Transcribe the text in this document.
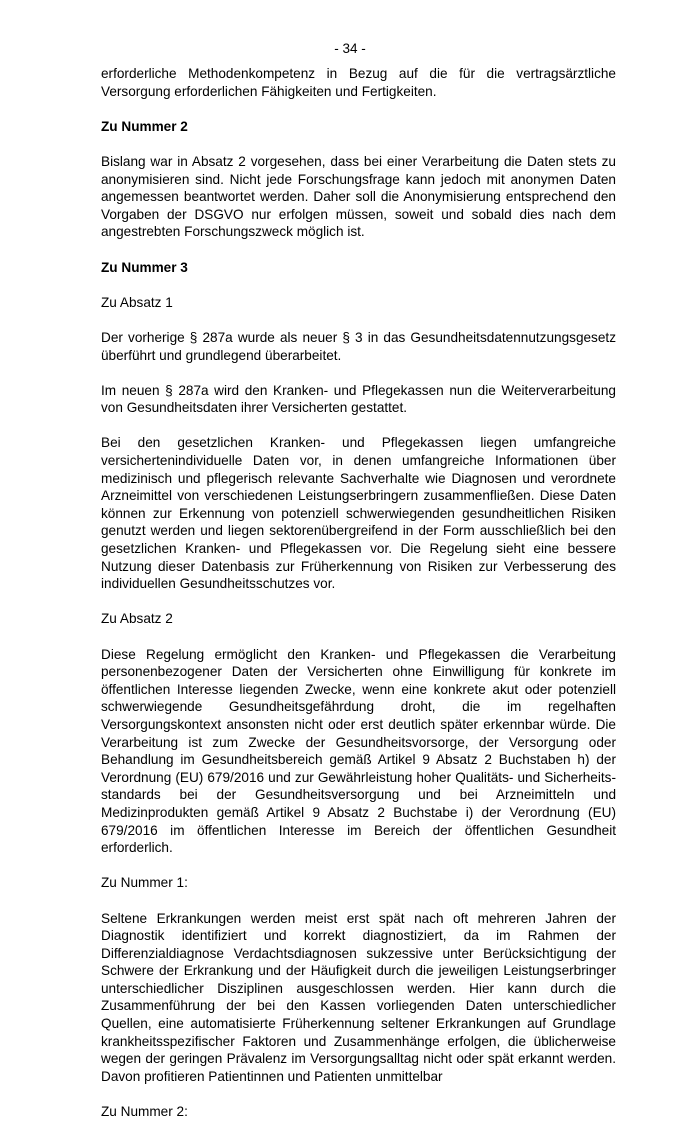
- 34 -

erforderliche Methodenkompetenz in Bezug auf die für die vertragsärztliche Versorgung erforderlichen Fähigkeiten und Fertigkeiten.

Zu Nummer 2

Bislang war in Absatz 2 vorgesehen, dass bei einer Verarbeitung die Daten stets zu anonymisieren sind. Nicht jede Forschungsfrage kann jedoch mit anonymen Daten angemessen beantwortet werden. Daher soll die Anonymisierung entsprechend den Vorgaben der DSGVO nur erfolgen müssen, soweit und sobald dies nach dem angestrebten Forschungszweck möglich ist.

Zu Nummer 3

Zu Absatz 1

Der vorherige § 287a wurde als neuer § 3 in das Gesundheitsdatennutzungsgesetz überführt und grundlegend überarbeitet.

Im neuen § 287a wird den Kranken- und Pflegekassen nun die Weiterverarbeitung von Gesundheitsdaten ihrer Versicherten gestattet.

Bei den gesetzlichen Kranken- und Pflegekassen liegen umfangreiche versichertenindividuelle Daten vor, in denen umfangreiche Informationen über medizinisch und pflegerisch relevante Sachverhalte wie Diagnosen und verordnete Arzneimittel von verschiedenen Leistungserbringern zusammenfließen. Diese Daten können zur Erkennung von potenziell schwerwiegenden gesundheitlichen Risiken genutzt werden und liegen sektorenübergreifend in der Form ausschließlich bei den gesetzlichen Kranken- und Pflegekassen vor. Die Regelung sieht eine bessere Nutzung dieser Datenbasis zur Früherkennung von Risiken zur Verbesserung des individuellen Gesundheitsschutzes vor.

Zu Absatz 2

Diese Regelung ermöglicht den Kranken- und Pflegekassen die Verarbeitung personenbezogener Daten der Versicherten ohne Einwilligung für konkrete im öffentlichen Interesse liegenden Zwecke, wenn eine konkrete akut oder potenziell schwerwiegende Gesundheitsgefährdung droht, die im regelhaften Versorgungskontext ansonsten nicht oder erst deutlich später erkennbar würde. Die Verarbeitung ist zum Zwecke der Gesundheitsvorsorge, der Versorgung oder Behandlung im Gesundheitsbereich gemäß Artikel 9 Absatz 2 Buchstaben h) der Verordnung (EU) 679/2016 und zur Gewährleistung hoher Qualitäts- und Sicherheitsstandards bei der Gesundheitsversorgung und bei Arzneimitteln und Medizinprodukten gemäß Artikel 9 Absatz 2 Buchstabe i) der Verordnung (EU) 679/2016 im öffentlichen Interesse im Bereich der öffentlichen Gesundheit erforderlich.

Zu Nummer 1:

Seltene Erkrankungen werden meist erst spät nach oft mehreren Jahren der Diagnostik identifiziert und korrekt diagnostiziert, da im Rahmen der Differenzialdiagnose Verdachtsdiagnosen sukzessive unter Berücksichtigung der Schwere der Erkrankung und der Häufigkeit durch die jeweiligen Leistungserbringer unterschiedlicher Disziplinen ausgeschlossen werden. Hier kann durch die Zusammenführung der bei den Kassen vorliegenden Daten unterschiedlicher Quellen, eine automatisierte Früherkennung seltener Erkrankungen auf Grundlage krankheitsspezifischer Faktoren und Zusammenhänge erfolgen, die üblicherweise wegen der geringen Prävalenz im Versorgungsalltag nicht oder spät erkannt werden. Davon profitieren Patientinnen und Patienten unmittelbar

Zu Nummer 2:
